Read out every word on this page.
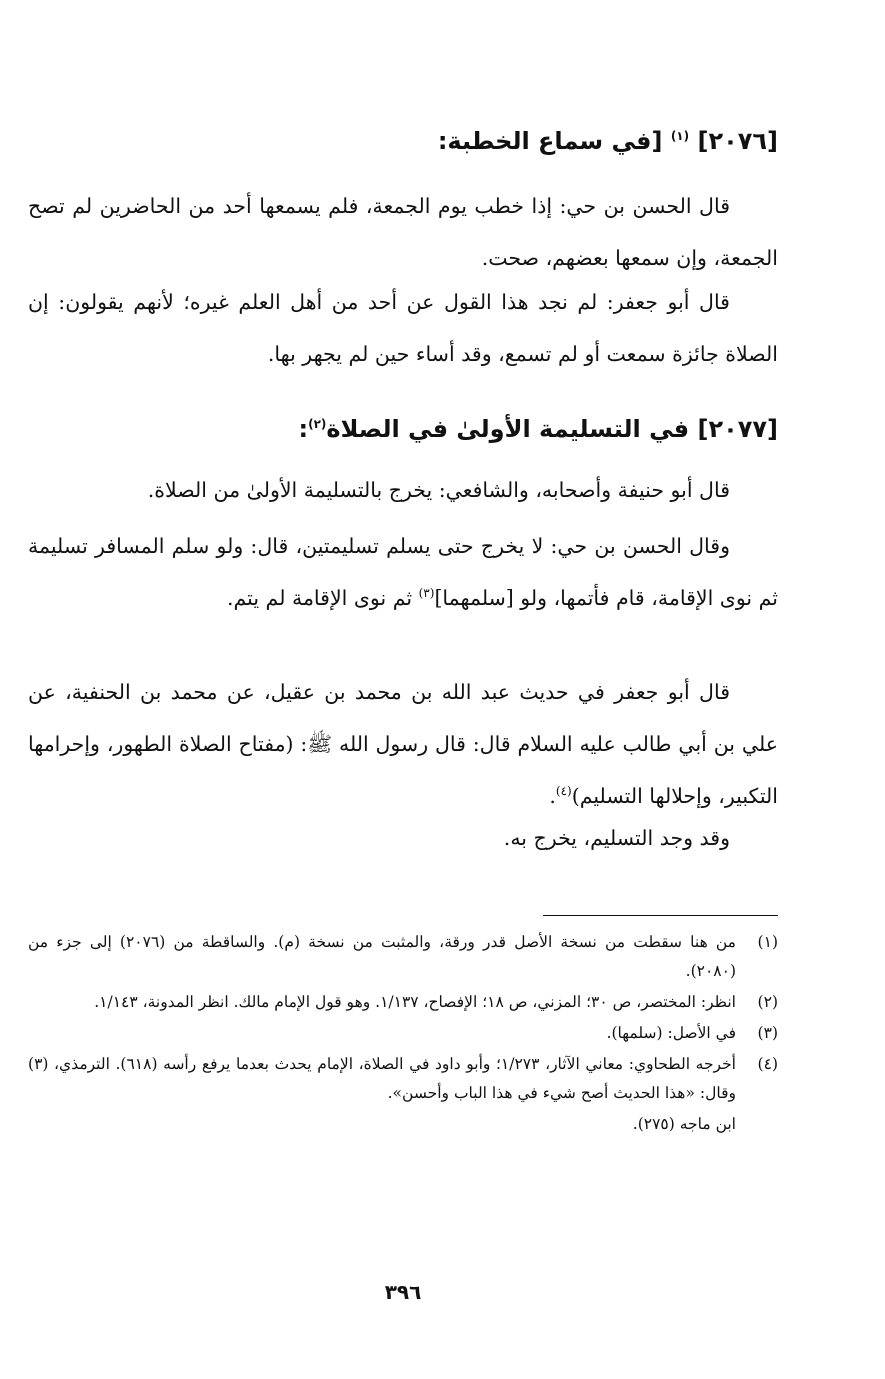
[٢٠٧٦] $^{(١)}$ [في سماع الخطبة:

قال الحسن بن حي: إذا خطب يوم الجمعة، فلم يسمعها أحد من الحاضرين لم تصح الجمعة، وإن سمعها بعضهم، صحت.

قال أبو جعفر: لم نجد هذا القول عن أحد من أهل العلم غيره؛ لأنهم يقولون: إن الصلاة جائزة سمعت أو لم تسمع، وقد أساء حين لم يجهر بها.

[٢٠٧٧] في التسليمة الأولىٰ في الصلاة$^{(٢)}$:

قال أبو حنيفة وأصحابه، والشافعي: يخرج بالتسليمة الأولىٰ من الصلاة.

وقال الحسن بن حي: لا يخرج حتى يسلم تسليمتين، قال: ولو سلم المسافر تسليمة ثم نوى الإقامة، قام فأتمها، ولو [سلمهما]$^{(٣)}$ ثم نوى الإقامة لم يتم.

قال أبو جعفر في حديث عبد الله بن محمد بن عقيل، عن محمد بن الحنفية، عن علي بن أبي طالب عليه السلام قال: قال رسول الله ﷺ: (مفتاح الصلاة الطهور، وإحرامها التكبير، وإحلالها التسليم)$^{(٤)}$.

وقد وجد التسليم، يخرج به.

(١)
من هنا سقطت من نسخة الأصل قدر ورقة، والمثبت من نسخة (م). والساقطة من (٢٠٧٦) إلى جزء من (٢٠٨٠).
(٢)
انظر: المختصر، ص ٣٠؛ المزني، ص ١٨؛ الإفصاح، ١/١٣٧. وهو قول الإمام مالك. انظر المدونة، ١/١٤٣.
(٣)
في الأصل: (سلمها).
(٤)
أخرجه الطحاوي: معاني الآثار، ١/٢٧٣؛ وأبو داود في الصلاة، الإمام يحدث بعدما يرفع رأسه (٦١٨). الترمذي، (٣) وقال: «هذا الحديث أصح شيء في هذا الباب وأحسن».
ابن ماجه (٢٧٥).
٣٩٦
